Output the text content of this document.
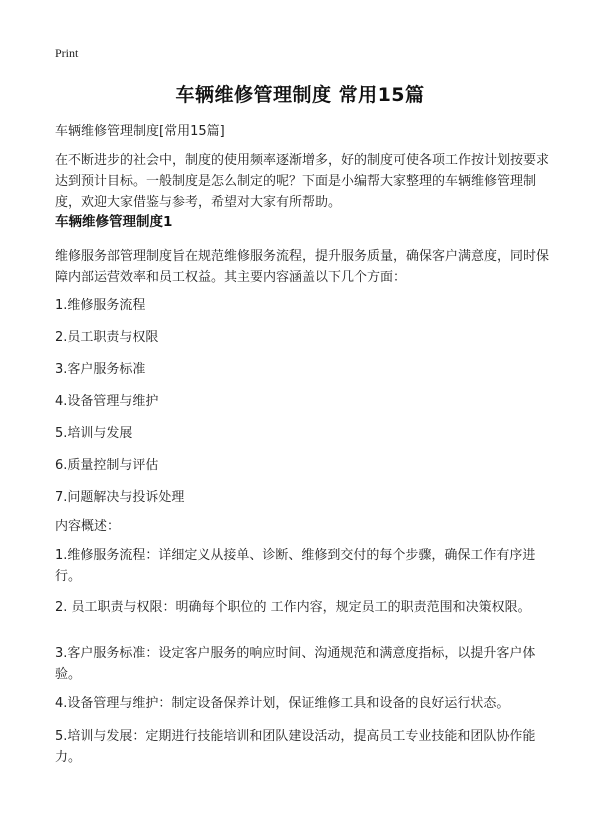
Print
车辆维修管理制度 常用15篇
车辆维修管理制度[常用15篇]

在不断进步的社会中，制度的使用频率逐渐增多，好的制度可使各项工作按计划按要求达到预计目标。一般制度是怎么制定的呢？下面是小编帮大家整理的车辆维修管理制度，欢迎大家借鉴与参考，希望对大家有所帮助。

车辆维修管理制度1

维修服务部管理制度旨在规范维修服务流程，提升服务质量，确保客户满意度，同时保障内部运营效率和员工权益。其主要内容涵盖以下几个方面：

1.维修服务流程
2.员工职责与权限
3.客户服务标准
4.设备管理与维护
5.培训与发展
6.质量控制与评估
7.问题解决与投诉处理
内容概述：

1.维修服务流程：详细定义从接单、诊断、维修到交付的每个步骤，确保工作有序进行。

2. 员工职责与权限：明确每个职位的 工作内容，规定员工的职责范围和决策权限。

3.客户服务标准：设定客户服务的响应时间、沟通规范和满意度指标，以提升客户体验。

4.设备管理与维护：制定设备保养计划，保证维修工具和设备的良好运行状态。

5.培训与发展：定期进行技能培训和团队建设活动，提高员工专业技能和团队协作能力。
